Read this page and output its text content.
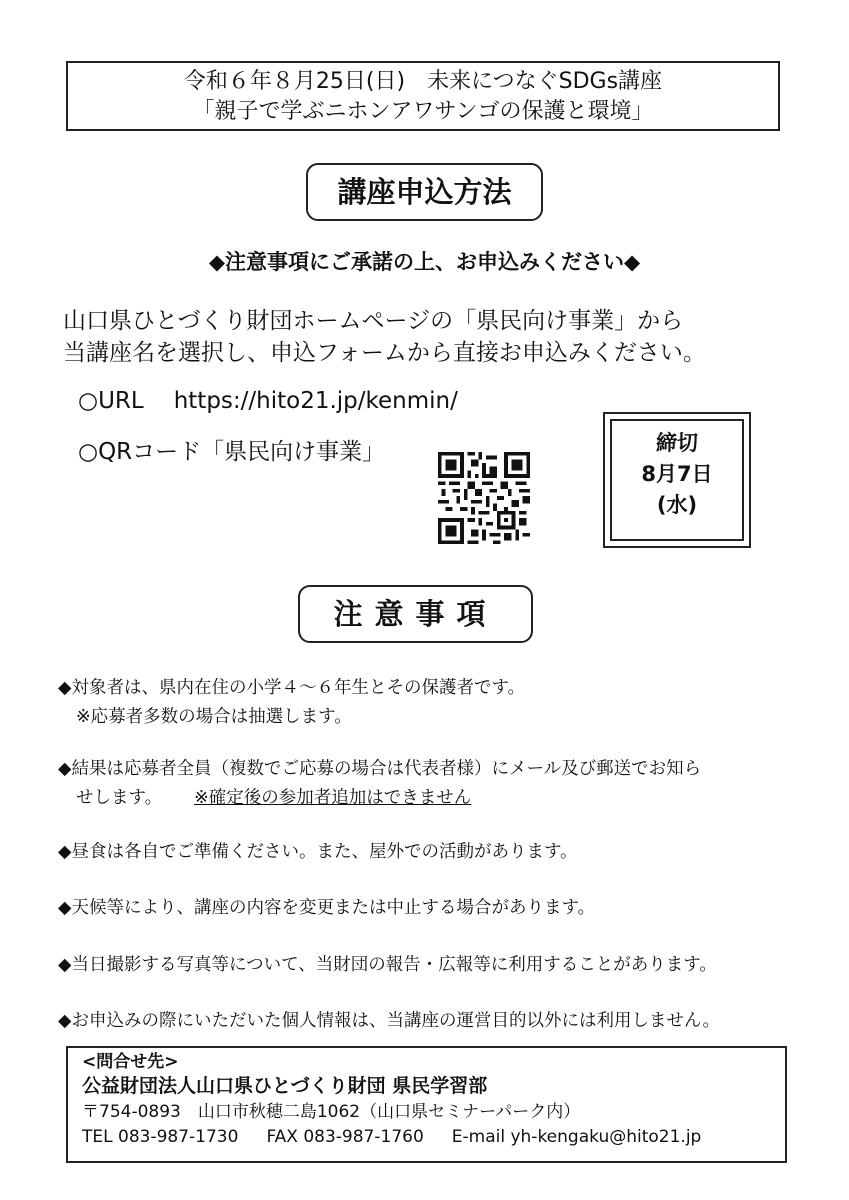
令和６年８月25日(日)　未来につなぐSDGs講座
「親子で学ぶニホンアワサンゴの保護と環境」
講座申込方法
◆注意事項にご承諾の上、お申込みください◆
山口県ひとづくり財団ホームページの「県民向け事業」から
当講座名を選択し、申込フォームから直接お申込みください。
○URL https://hito21.jp/kenmin/
○QRコード「県民向け事業」	締切
8月7日
(水)
注意事項
◆対象者は、県内在住の小学４～６年生とその保護者です。
※応募者多数の場合は抽選します。
◆結果は応募者全員（複数でご応募の場合は代表者様）にメール及び郵送でお知ら
せします。 ※確定後の参加者追加はできません
◆昼食は各自でご準備ください。また、屋外での活動があります。
◆天候等により、講座の内容を変更または中止する場合があります。
◆当日撮影する写真等について、当財団の報告・広報等に利用することがあります。
◆お申込みの際にいただいた個人情報は、当講座の運営目的以外には利用しません。
<問合せ先>
公益財団法人山口県ひとづくり財団 県民学習部
〒754-0893　山口市秋穂二島1062（山口県セミナーパーク内）
TEL 083-987-1730 FAX 083-987-1760 E-mail yh-kengaku@hito21.jp
